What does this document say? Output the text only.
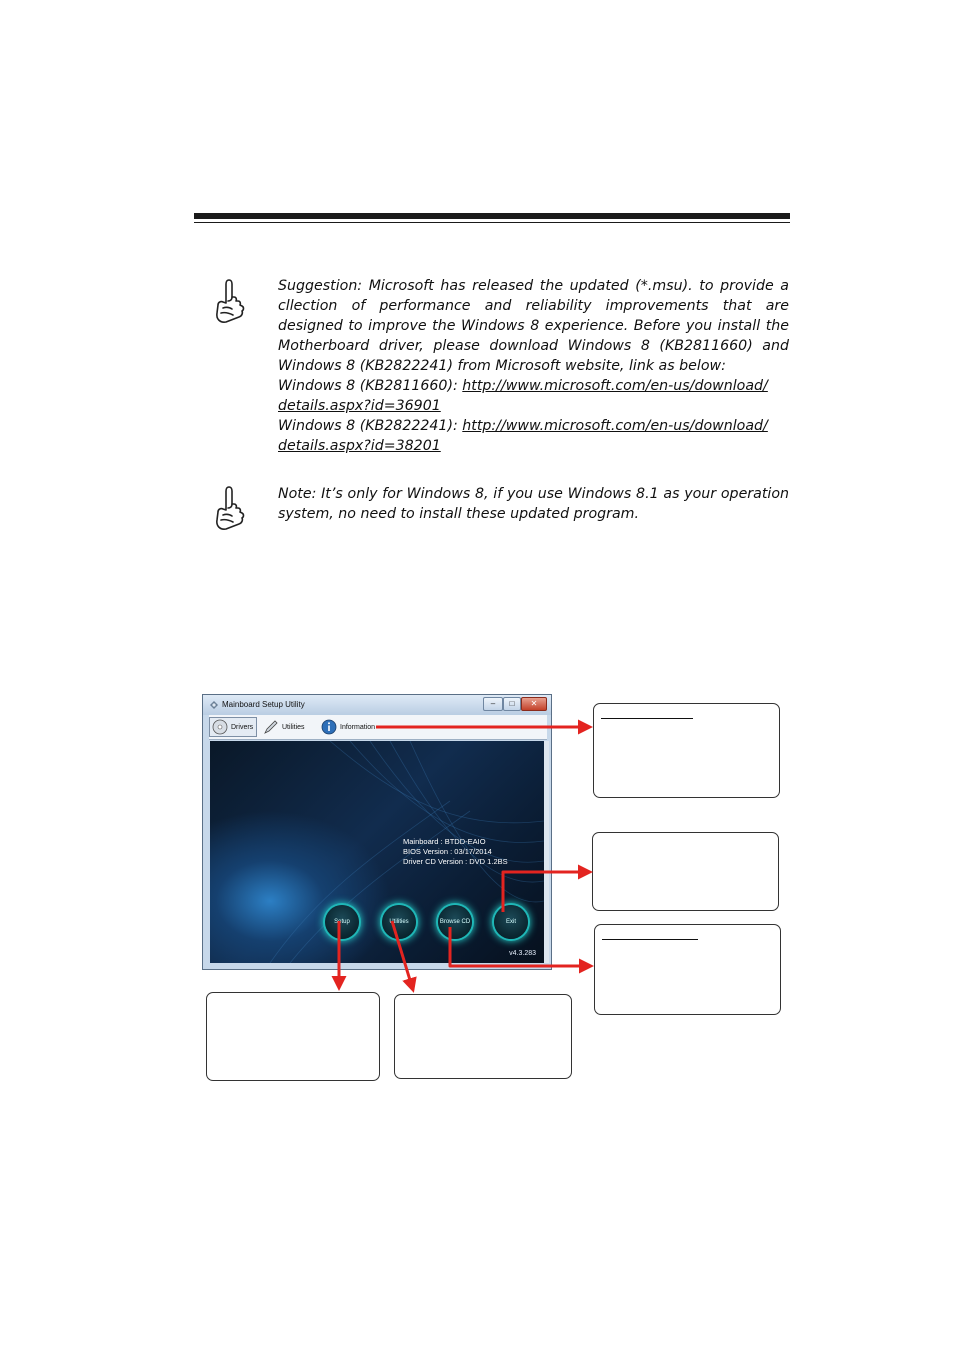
Suggestion: Microsoft has released the updated (*.msu). to provide a cllection of performance and reliability improvements that are designed to improve the Windows 8 experience. Before you install the Motherboard driver, please download Windows 8 (KB2811660) and Windows 8 (KB2822241) from Microsoft website, link as below:

Windows 8 (KB2811660): http://www.microsoft.com/en-us/download/
details.aspx?id=36901

Windows 8 (KB2822241): http://www.microsoft.com/en-us/download/
details.aspx?id=38201

Note: It’s only for Windows 8, if you use Windows 8.1 as your operation system, no need to install these updated program.

Mainboard Setup Utility	–	□	✕
Drivers	Utilities	Information
Mainboard : BTDD-EAIO
BIOS Version : 03/17/2014
Driver CD Version : DVD 1.2BS
Setup	Utilities	Browse CD	Exit
v4.3.283
